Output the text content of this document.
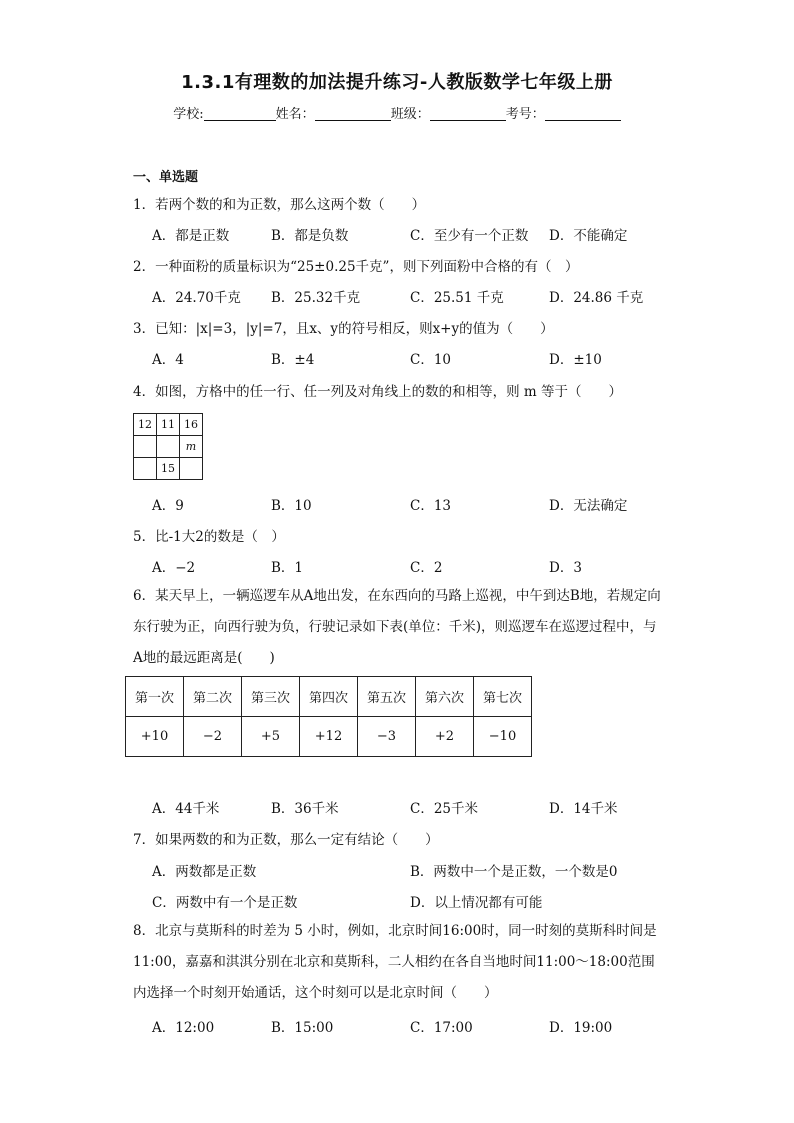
1.3.1有理数的加法提升练习-人教版数学七年级上册
学校:	姓名：	班级：	考号：
一、单选题
1．若两个数的和为正数，那么这两个数（　　）
A．都是正数	B．都是负数	C．至少有一个正数 D．不能确定
2．一种面粉的质量标识为“25±0.25千克”，则下列面粉中合格的有（　）
A．24.70千克 B．25.32千克	C．25.51 千克	D．24.86 千克
3．已知：|x|=3，|y|=7，且x、y的符号相反，则x+y的值为（　　）
A．4	B．±4	C．10	D．±10
4．如图，方格中的任一行、任一列及对角线上的数的和相等，则 m 等于（　　）
12	11	16
		m
	15	
A．9	B．10	C．13	D．无法确定
5．比-1大2的数是（　）
A．−2	B．1	C．2	D．3
6．某天早上，一辆巡逻车从A地出发，在东西向的马路上巡视，中午到达B地，若规定向东行驶为正，向西行驶为负，行驶记录如下表(单位：千米)，则巡逻车在巡逻过程中，与A地的最远距离是(　　)
第一次	第二次	第三次	第四次	第五次	第六次	第七次
+10	−2	+5	+12	−3	+2	−10
A．44千米	B．36千米	C．25千米	D．14千米
7．如果两数的和为正数，那么一定有结论（　　）
A．两数都是正数	B．两数中一个是正数，一个数是0
C．两数中有一个是正数	D．以上情况都有可能
8．北京与莫斯科的时差为 5 小时，例如，北京时间16:00时，同一时刻的莫斯科时间是11:00，嘉嘉和淇淇分别在北京和莫斯科，二人相约在各自当地时间11:00～18:00范围内选择一个时刻开始通话，这个时刻可以是北京时间（　　）
A．12:00	B．15:00	C．17:00	D．19:00
